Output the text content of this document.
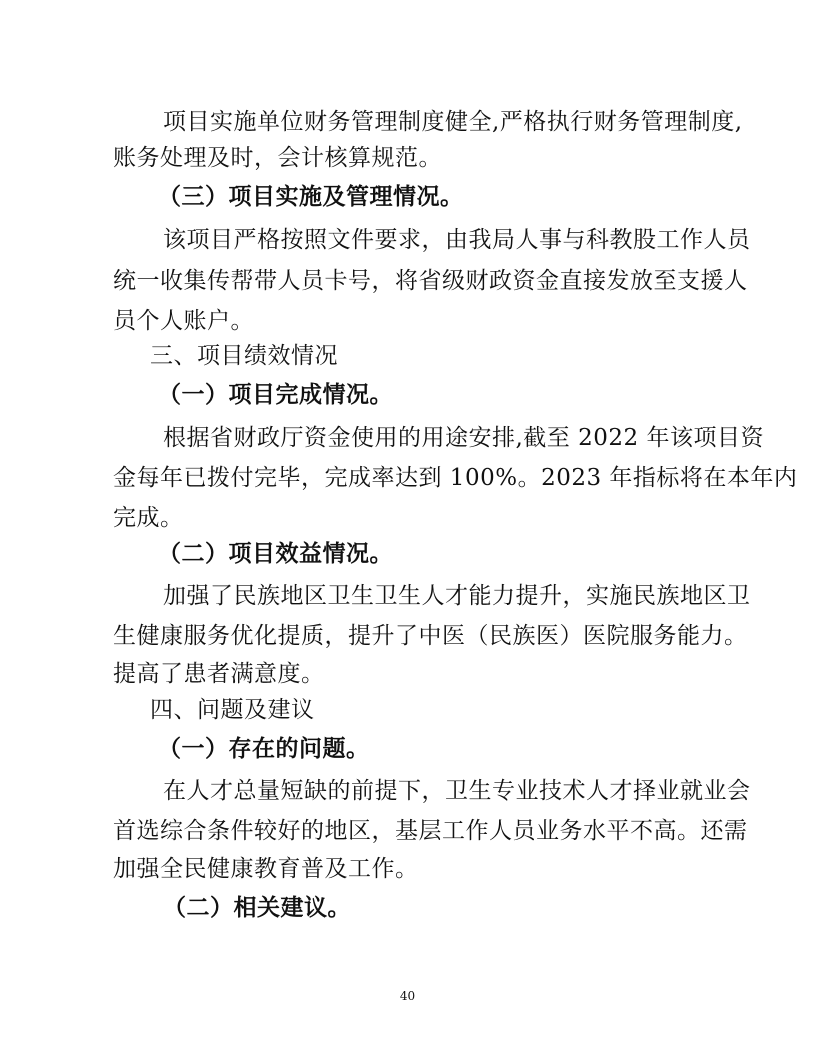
项目实施单位财务管理制度健全,严格执行财务管理制度,
账务处理及时，会计核算规范。
（三）项目实施及管理情况。
该项目严格按照文件要求，由我局人事与科教股工作人员
统一收集传帮带人员卡号，将省级财政资金直接发放至支援人
员个人账户。
三、项目绩效情况
（一）项目完成情况。
根据省财政厅资金使用的用途安排,截至 2022 年该项目资
金每年已拨付完毕，完成率达到 100%。2023 年指标将在本年内
完成。
（二）项目效益情况。
加强了民族地区卫生卫生人才能力提升，实施民族地区卫
生健康服务优化提质，提升了中医（民族医）医院服务能力。
提高了患者满意度。
四、问题及建议
（一）存在的问题。
在人才总量短缺的前提下，卫生专业技术人才择业就业会
首选综合条件较好的地区，基层工作人员业务水平不高。还需
加强全民健康教育普及工作。
（二）相关建议。
40
